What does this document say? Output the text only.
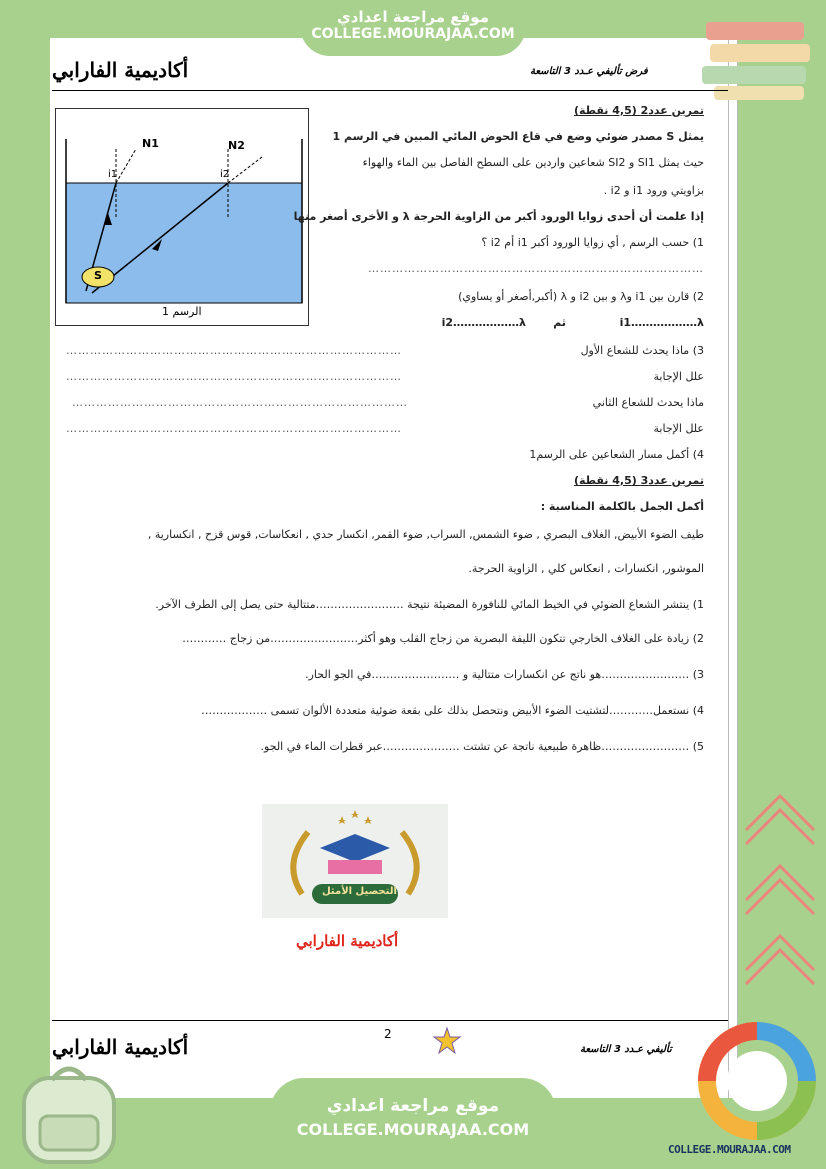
موقع مراجعة اعدادي
COLLEGE.MOURAJAA.COM
أكاديمية الفارابي	فرض تأليفي عـدد 3 التاسعة
N1	N2
i1	i2
S
الرسم 1
تمرين عدد2 (4,5 نقطة)
يمثل S مصدر ضوئي وضع في قاع الحوض المائي المبين في الرسم 1
حيث يمثل SI1 و SI2 شعاعين واردين على السطح الفاصل بين الماء والهواء
بزاويتي ورود i1 و i2 .
إذا علمت أن أحدى زوايا الورود أكبر من الزاوية الحرجة λ و الأخرى أصغر منها
1) حسب الرسم , أي زوايا الورود أكبر i1 أم i2 ؟
…………………………………………………………………………
2) قارن بين i1 وλ و بين i2 و λ (أكبر,أصغر أو يساوي)
i1………………λ
ثم
i2………………λ
3) ماذا يحدث للشعاع الأول
…………………………………………………………………………
علل الإجابة
…………………………………………………………………………
ماذا يحدث للشعاع الثاني
…………………………………………………………………………
علل الإجابة
…………………………………………………………………………
4) أكمل مسار الشعاعين على الرسم1
تمرين عدد3 (4,5 نقطة)
أكمل الجمل بالكلمة المناسبة :
طيف الضوء الأبيض, الغلاف البصري , ضوء الشمس, السراب, ضوء القمر, انكسار حدي , انعكاسات, قوس قزح , انكسارية ,
الموشور, انكسارات , انعكاس كلي , الزاوية الحرجة.
1) ينتشر الشعاع الضوئي في الخيط المائي للنافورة المضيئة نتيجة ……………………متتالية حتى يصل إلى الطرف الآخر.
2) زيادة على الغلاف الخارجي تتكون الليفة البصرية من زجاج القلب وهو أكثر……………………من زجاج …………
3) ……………………هو ناتج عن انكسارات متتالية و ……………………في الجو الحار.
4) نستعمل…………لتشتيت الضوء الأبيض ونتحصل بذلك على بقعة ضوئية متعددة الألوان تسمى ………………
5) ……………………ظاهرة طبيعية ناتجة عن تشتت …………………عبر قطرات الماء في الجو.
التحصيل الأمثل
أكاديمية الفارابي
2
أكاديمية الفارابي	تأليفي عـدد 3 التاسعة
موقع مراجعة اعدادي
COLLEGE.MOURAJAA.COM
COLLEGE.MOURAJAA.COM
